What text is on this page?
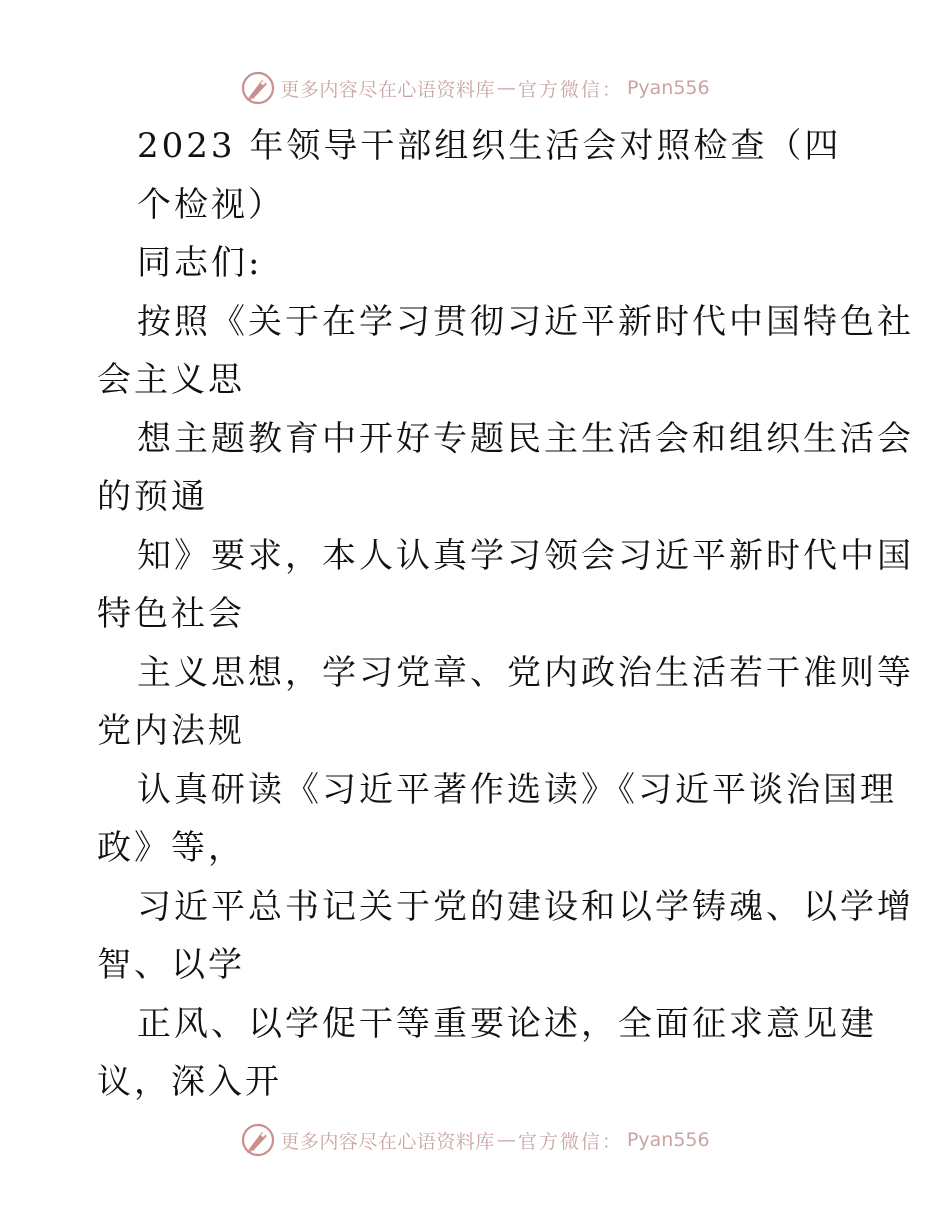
更多内容尽在心语资料库 — 官方微信： Pyan556
2023 年领导干部组织生活会对照检查（四
个检视）
同志们:
按照《关于在学习贯彻习近平新时代中国特色社
会主义思
想主题教育中开好专题民主生活会和组织生活会
的预通
知》要求，本人认真学习领会习近平新时代中国
特色社会
主义思想，学习党章、党内政治生活若干准则等
党内法规
认真研读《习近平著作选读》《习近平谈治国理
政》等，
习近平总书记关于党的建设和以学铸魂、以学增
智、以学
正风、以学促干等重要论述，全面征求意见建
议，深入开
更多内容尽在心语资料库 — 官方微信： Pyan556
